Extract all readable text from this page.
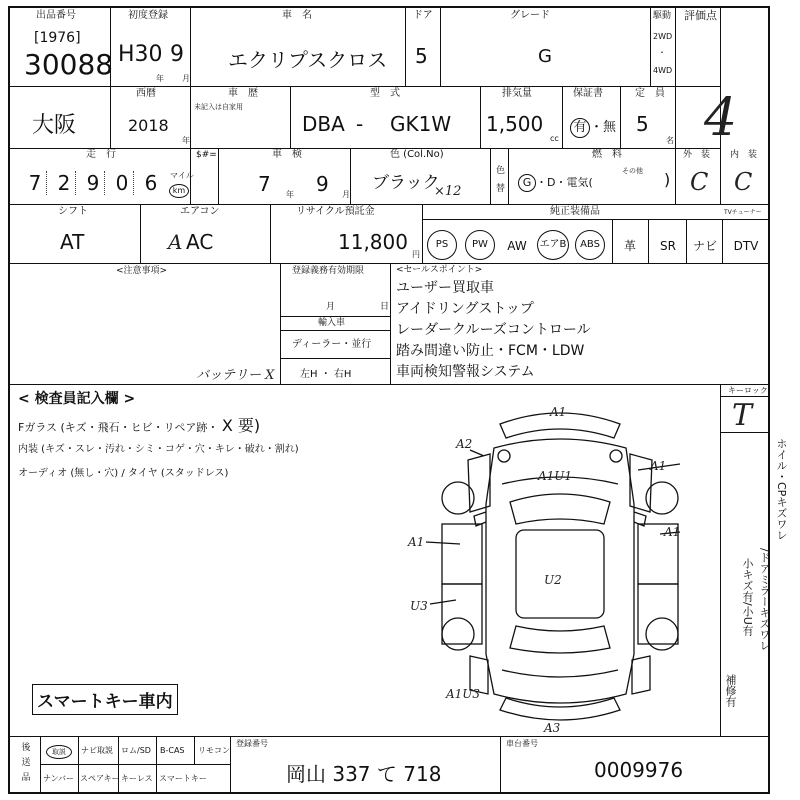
出品番号
[1976]
30088
初度登録
H30 9
年 月
車　名
エクリプスクロス
ドア
5
グレード
G
駆動
2WD
・
4WD
評価点
4
大阪
西暦
2018
年
車　歴
未記入は自家用
型　式
DBA - GK1W
排気量
1,500
cc
保証書
有 ・無
定　員
5
名
走　行
7 2 9 0 6	マイル
km
$#=	車　検
7 年 9 月
色 (Col.No)
ブラック
×12
色
替
燃　料
G ・D・電気(
その他 )
外　装
C
内　装
C
シフト
AT
エアコン
A AC
リサイクル預託金
11,800
円
純正装備品	TVチューナー
PS	PW	AW	エアB	ABS	革	SR	ナビ	DTV
<注意事項>
バッテリー X
登録義務有効期限
月	日
輸入車
ディーラー・並行
左H ・ 右H
<セールスポイント>
ユーザー買取車
アイドリングストップ
レーダークルーズコントロール
踏み間違い防止・FCM・LDW
車両検知警報システム
< 検査員記入欄 >
Fガラス (キズ・飛石・ヒビ・リペア跡・ X 要)
内装 (キズ・スレ・汚れ・シミ・コゲ・穴・キレ・破れ・割れ)
オーディオ (無し・穴) / タイヤ (スタッドレス)
スマートキー車内
キーロック
T
ホイル・CPキズワレ
/ドアミラーキズワレ
小キズ有/小U有
補修有
A1
A2
A1
A1U1
A1
A1
U2
U3
A1U3
A3
後
送
品
取説	ナビ取説 ロム/SD B-CAS リモコン
ナンバー スペアキー キーレス スマートキー
登録番号
岡山 337 て 718
車台番号
0009976
